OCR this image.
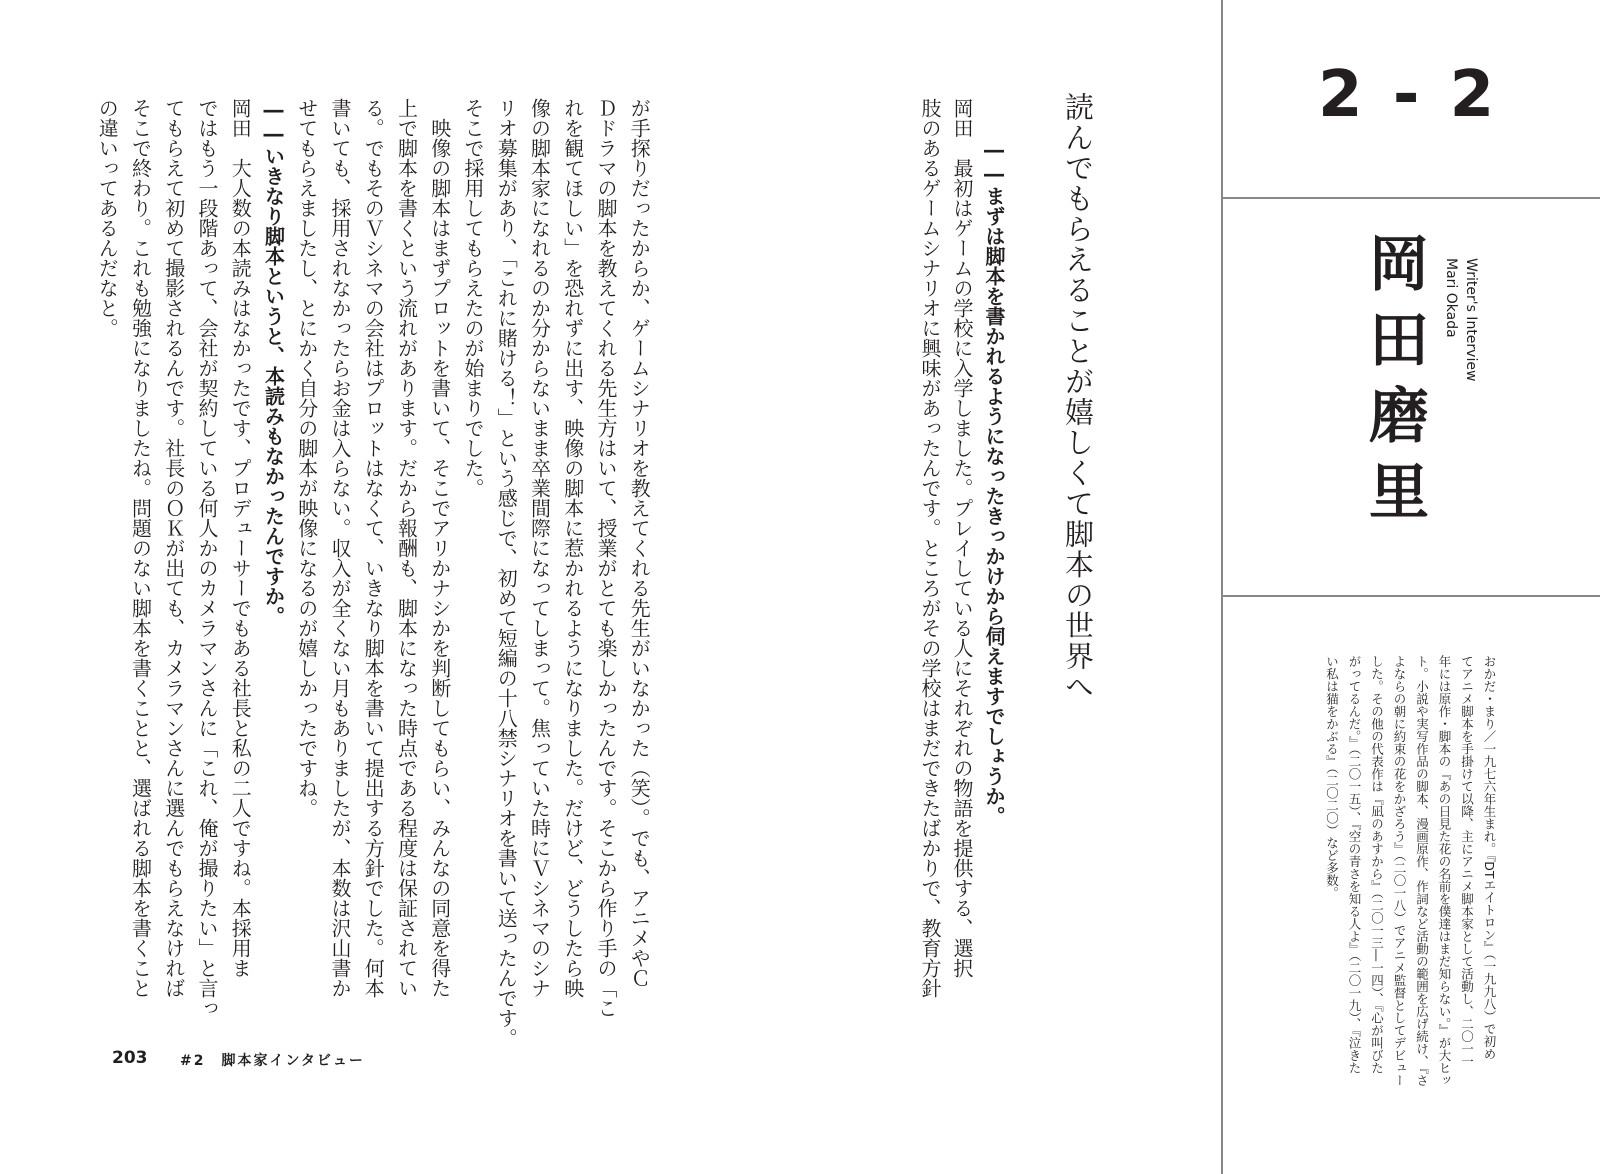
読んでもらえることが嬉しくて脚本の世界へ
――まずは脚本を書かれるようになったきっかけから伺えますでしょうか。
岡田　最初はゲームの学校に入学しました。プレイしている人にそれぞれの物語を提供する、選択
肢のあるゲームシナリオに興味があったんです。ところがその学校はまだできたばかりで、教育方針
が手探りだったからか、ゲームシナリオを教えてくれる先生がいなかった（笑）。でも、アニメやＣ
Ｄドラマの脚本を教えてくれる先生方はいて、授業がとても楽しかったんです。そこから作り手の「こ
れを観てほしい」を恐れずに出す、映像の脚本に惹かれるようになりました。だけど、どうしたら映
像の脚本家になれるのか分からないまま卒業間際になってしまって。焦っていた時にＶシネマのシナ
リオ募集があり、「これに賭ける！」という感じで、初めて短編の十八禁シナリオを書いて送ったんです。
そこで採用してもらえたのが始まりでした。
　映像の脚本はまずプロットを書いて、そこでアリかナシかを判断してもらい、みんなの同意を得た
上で脚本を書くという流れがあります。だから報酬も、脚本になった時点である程度は保証されてい
る。でもそのＶシネマの会社はプロットはなくて、いきなり脚本を書いて提出する方針でした。何本
書いても、採用されなかったらお金は入らない。収入が全くない月もありましたが、本数は沢山書か
せてもらえましたし、とにかく自分の脚本が映像になるのが嬉しかったですね。
――いきなり脚本というと、本読みもなかったんですか。
岡田　大人数の本読みはなかったです、プロデューサーでもある社長と私の二人ですね。本採用ま
ではもう一段階あって、会社が契約している何人かのカメラマンさんに「これ、俺が撮りたい」と言っ
てもらえて初めて撮影されるんです。社長のＯＫが出ても、カメラマンさんに選んでもらえなければ
そこで終わり。これも勉強になりましたね。問題のない脚本を書くことと、選ばれる脚本を書くこと
の違いってあるんだなと。
203 #2　脚本家インタビュー
2 - 2
岡田磨里 Writer's Interview
Mari Okada
おかだ・まり／一九七六年生まれ。『DTエイトロン』（一九九八）で初め
てアニメ脚本を手掛けて以降、主にアニメ脚本家として活動し、二〇一一
年には原作・脚本の『あの日見た花の名前を僕達はまだ知らない。』が大ヒッ
ト。小説や実写作品の脚本、漫画原作、作詞など活動の範囲を広げ続け、『さ
よならの朝に約束の花をかざろう』（二〇一八）でアニメ監督としてデビュー
した。その他の代表作は『凪のあすから』（二〇一三―一四）、『心が叫びた
がってるんだ。』（二〇一五）、『空の青さを知る人よ』（二〇一九）、『泣きた
い私は猫をかぶる』（二〇二〇）など多数。
